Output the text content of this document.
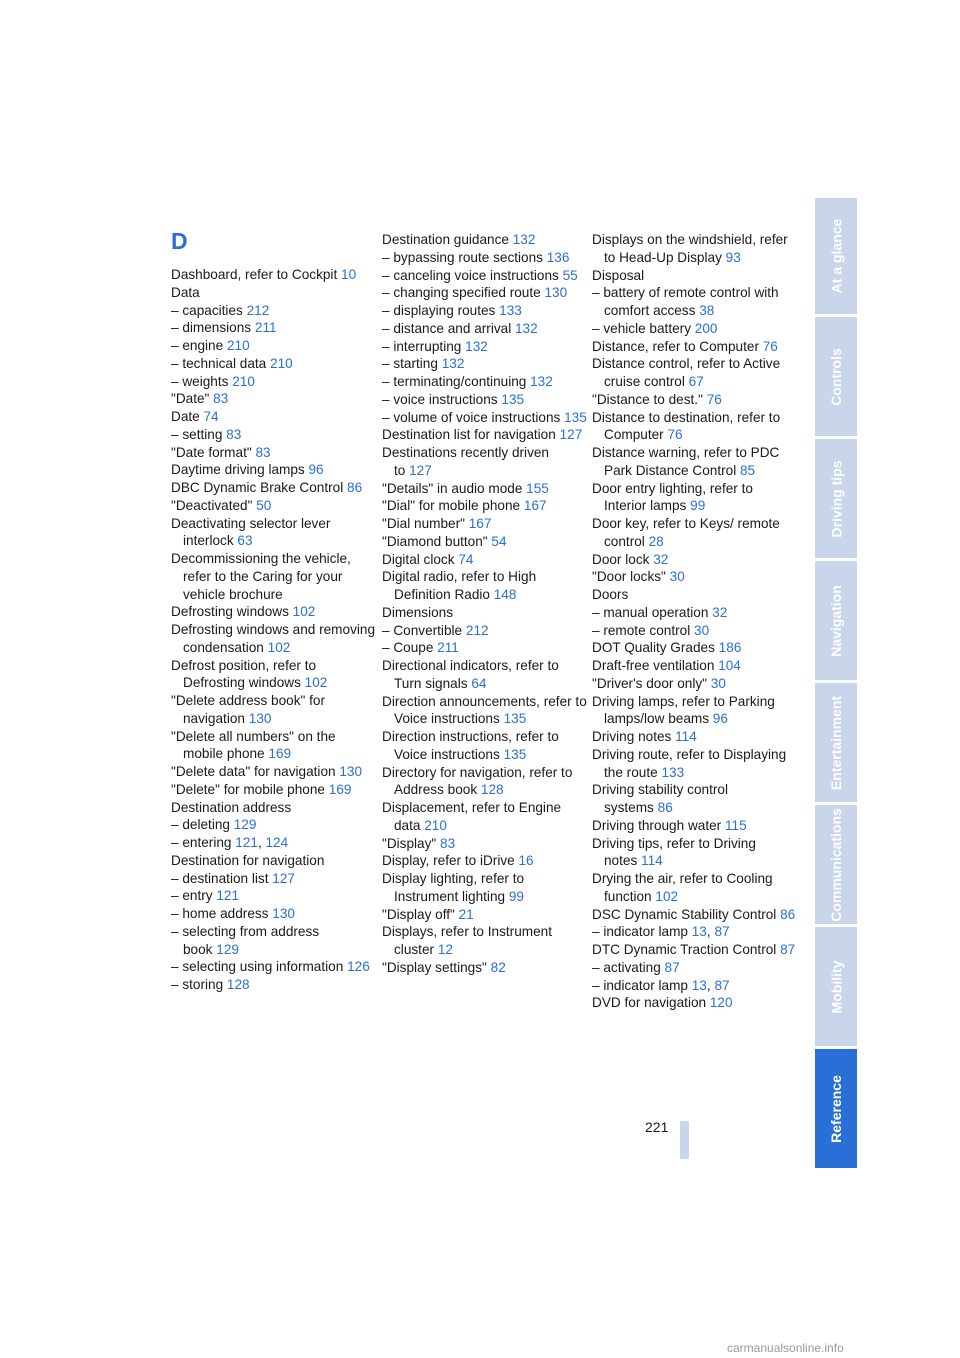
D
Dashboard, refer to Cockpit 10
Data
– capacities 212
– dimensions 211
– engine 210
– technical data 210
– weights 210
"Date" 83
Date 74
– setting 83
"Date format" 83
Daytime driving lamps 96
DBC Dynamic Brake Control 86
"Deactivated" 50
Deactivating selector lever interlock 63
Decommissioning the vehicle, refer to the Caring for your vehicle brochure
Defrosting windows 102
Defrosting windows and removing condensation 102
Defrost position, refer to Defrosting windows 102
"Delete address book" for navigation 130
"Delete all numbers" on the mobile phone 169
"Delete data" for navigation 130
"Delete" for mobile phone 169
Destination address
– deleting 129
– entering 121, 124
Destination for navigation
– destination list 127
– entry 121
– home address 130
– selecting from address book 129
– selecting using information 126
– storing 128
Destination guidance 132
– bypassing route sections 136
– canceling voice instructions 55
– changing specified route 130
– displaying routes 133
– distance and arrival 132
– interrupting 132
– starting 132
– terminating/continuing 132
– voice instructions 135
– volume of voice instructions 135
Destination list for navigation 127
Destinations recently driven to 127
"Details" in audio mode 155
"Dial" for mobile phone 167
"Dial number" 167
"Diamond button" 54
Digital clock 74
Digital radio, refer to High Definition Radio 148
Dimensions
– Convertible 212
– Coupe 211
Directional indicators, refer to Turn signals 64
Direction announcements, refer to Voice instructions 135
Direction instructions, refer to Voice instructions 135
Directory for navigation, refer to Address book 128
Displacement, refer to Engine data 210
"Display" 83
Display, refer to iDrive 16
Display lighting, refer to Instrument lighting 99
"Display off" 21
Displays, refer to Instrument cluster 12
"Display settings" 82
Displays on the windshield, refer to Head-Up Display 93
Disposal
– battery of remote control with comfort access 38
– vehicle battery 200
Distance, refer to Computer 76
Distance control, refer to Active cruise control 67
"Distance to dest." 76
Distance to destination, refer to Computer 76
Distance warning, refer to PDC Park Distance Control 85
Door entry lighting, refer to Interior lamps 99
Door key, refer to Keys/ remote control 28
Door lock 32
"Door locks" 30
Doors
– manual operation 32
– remote control 30
DOT Quality Grades 186
Draft-free ventilation 104
"Driver's door only" 30
Driving lamps, refer to Parking lamps/low beams 96
Driving notes 114
Driving route, refer to Displaying the route 133
Driving stability control systems 86
Driving through water 115
Driving tips, refer to Driving notes 114
Drying the air, refer to Cooling function 102
DSC Dynamic Stability Control 86
– indicator lamp 13, 87
DTC Dynamic Traction Control 87
– activating 87
– indicator lamp 13, 87
DVD for navigation 120
221
At a glance
Controls
Driving tips
Navigation
Entertainment
Communications
Mobility
Reference
carmanualsonline.info
